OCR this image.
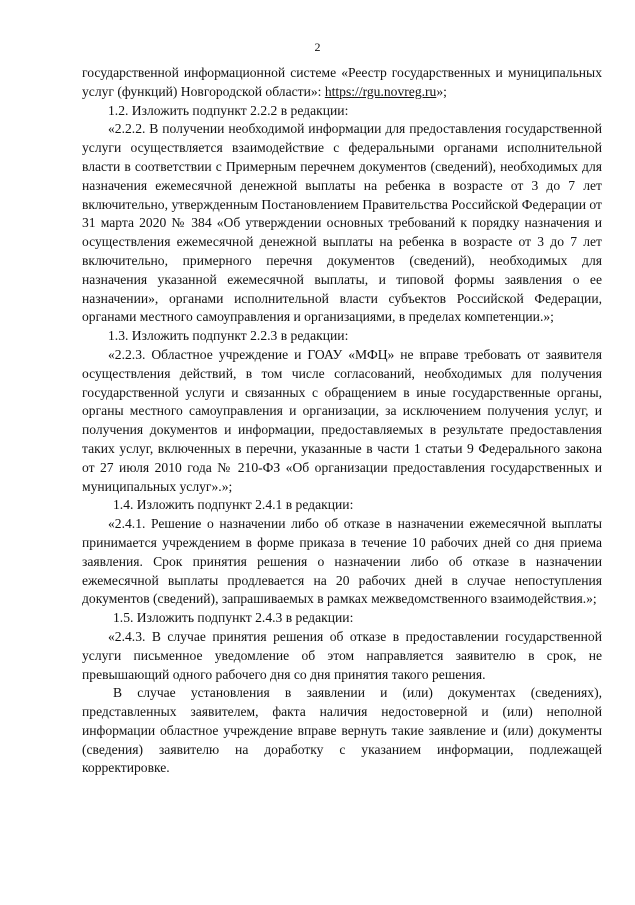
2

государственной информационной системе «Реестр государственных и муниципальных услуг (функций) Новгородской области»: https://rgu.novreg.ru»;

1.2. Изложить подпункт 2.2.2 в редакции:

«2.2.2. В получении необходимой информации для предоставления государственной услуги осуществляется взаимодействие с федеральными органами исполнительной власти в соответствии с Примерным перечнем документов (сведений), необходимых для назначения ежемесячной денежной выплаты на ребенка в возрасте от 3 до 7 лет включительно, утвержденным Постановлением Правительства Российской Федерации от 31 марта 2020 № 384 «Об утверждении основных требований к порядку назначения и осуществления ежемесячной денежной выплаты на ребенка в возрасте от 3 до 7 лет включительно, примерного перечня документов (сведений), необходимых для назначения указанной ежемесячной выплаты, и типовой формы заявления о ее назначении», органами исполнительной власти субъектов Российской Федерации, органами местного самоуправления и организациями, в пределах компетенции.»;

1.3. Изложить подпункт 2.2.3 в редакции:

«2.2.3. Областное учреждение и ГОАУ «МФЦ» не вправе требовать от заявителя осуществления действий, в том числе согласований, необходимых для получения государственной услуги и связанных с обращением в иные государственные органы, органы местного самоуправления и организации, за исключением получения услуг, и получения документов и информации, предоставляемых в результате предоставления таких услуг, включенных в перечни, указанные в части 1 статьи 9 Федерального закона от 27 июля 2010 года № 210-ФЗ «Об организации предоставления государственных и муниципальных услуг».»;

1.4. Изложить подпункт 2.4.1 в редакции:

«2.4.1. Решение о назначении либо об отказе в назначении ежемесячной выплаты принимается учреждением в форме приказа в течение 10 рабочих дней со дня приема заявления. Срок принятия решения о назначении либо об отказе в назначении ежемесячной выплаты продлевается на 20 рабочих дней в случае непоступления документов (сведений), запрашиваемых в рамках межведомственного взаимодействия.»;

1.5. Изложить подпункт 2.4.3 в редакции:

«2.4.3. В случае принятия решения об отказе в предоставлении государственной услуги письменное уведомление об этом направляется заявителю в срок, не превышающий одного рабочего дня со дня принятия такого решения.

В случае установления в заявлении и (или) документах (сведениях), представленных заявителем, факта наличия недостоверной и (или) неполной информации областное учреждение вправе вернуть такие заявление и (или) документы (сведения) заявителю на доработку с указанием информации, подлежащей корректировке.
